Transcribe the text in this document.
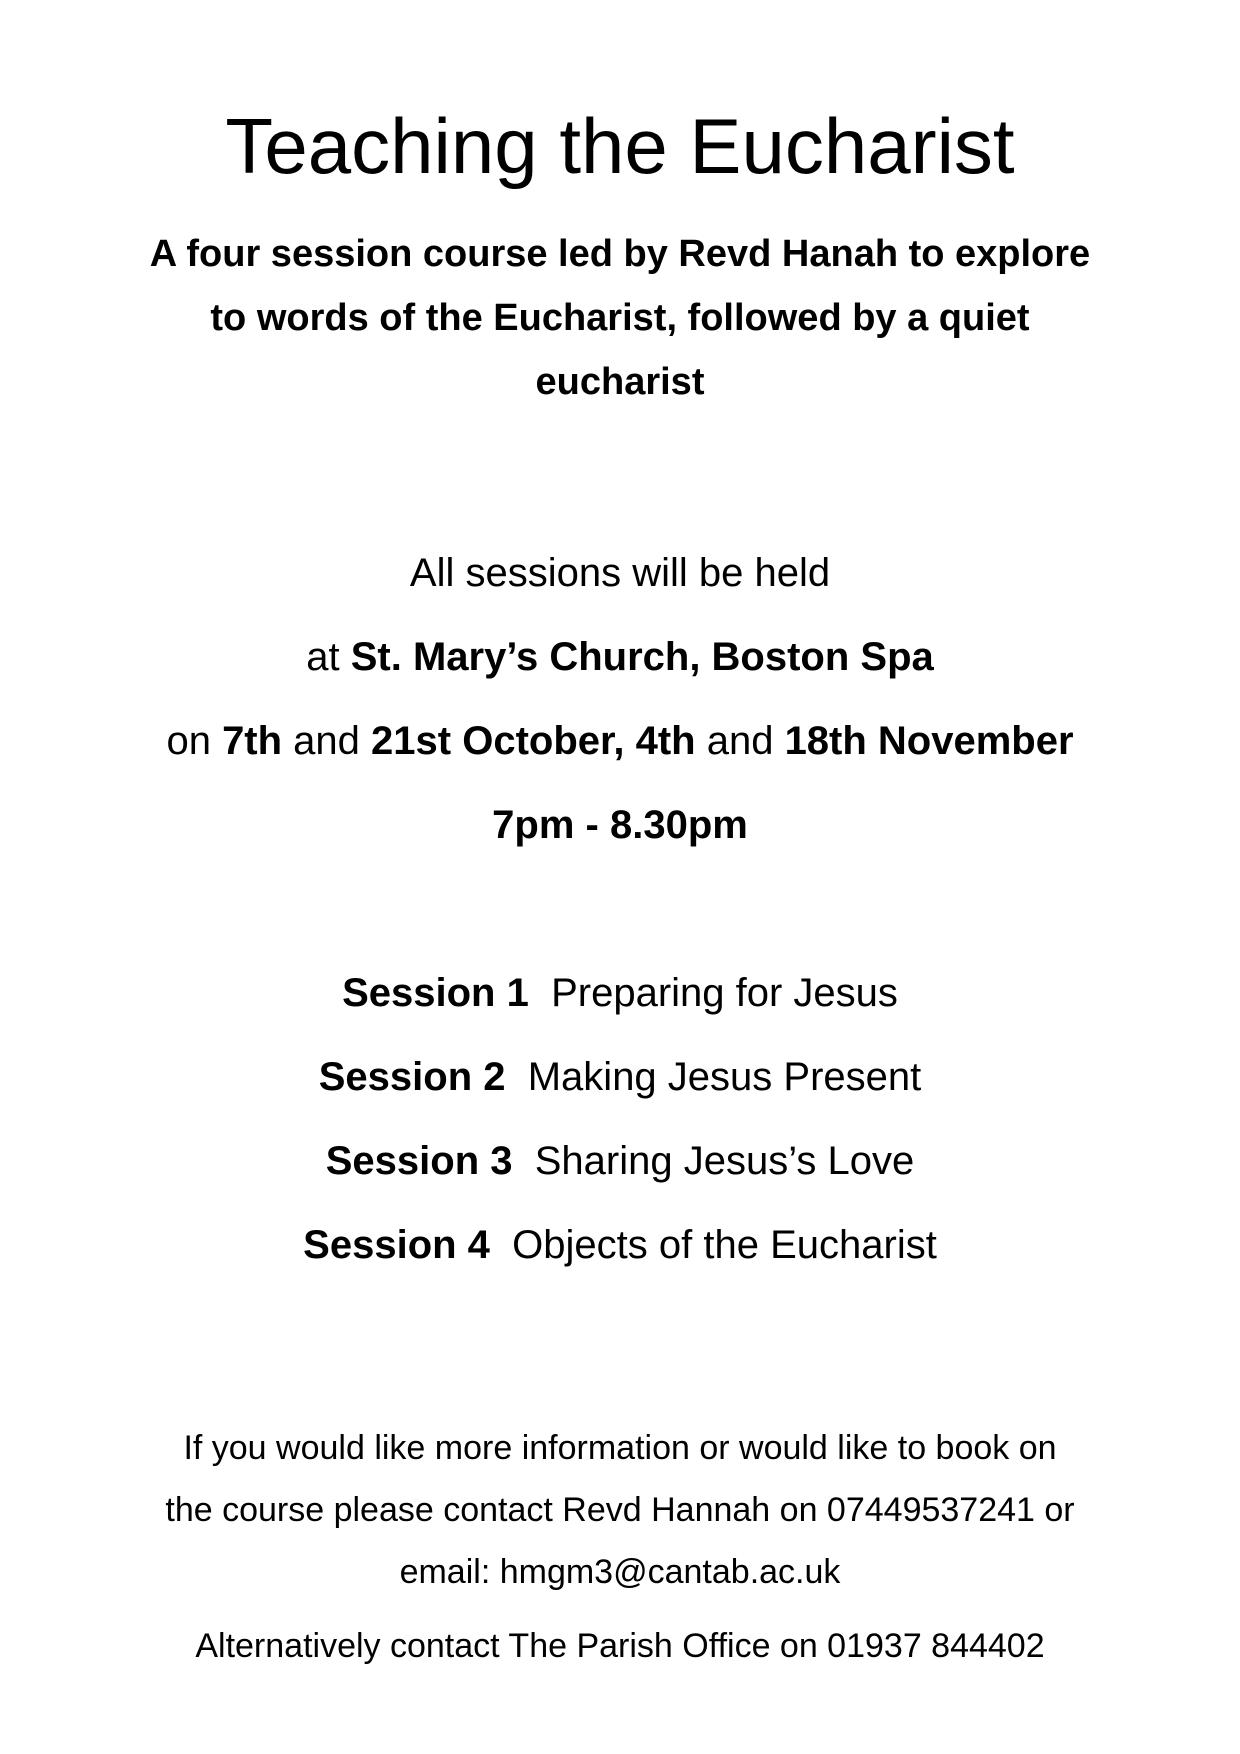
Teaching the Eucharist
A four session course led by Revd Hanah to explore
to words of the Eucharist, followed by a quiet
eucharist
All sessions will be held
at St. Mary’s Church, Boston Spa
on 7th and 21st October, 4th and 18th November
7pm - 8.30pm
Session 1 Preparing for Jesus
Session 2 Making Jesus Present
Session 3 Sharing Jesus’s Love
Session 4 Objects of the Eucharist
If you would like more information or would like to book on
the course please contact Revd Hannah on 07449537241 or
email: hmgm3@cantab.ac.uk
Alternatively contact The Parish Office on 01937 844402
